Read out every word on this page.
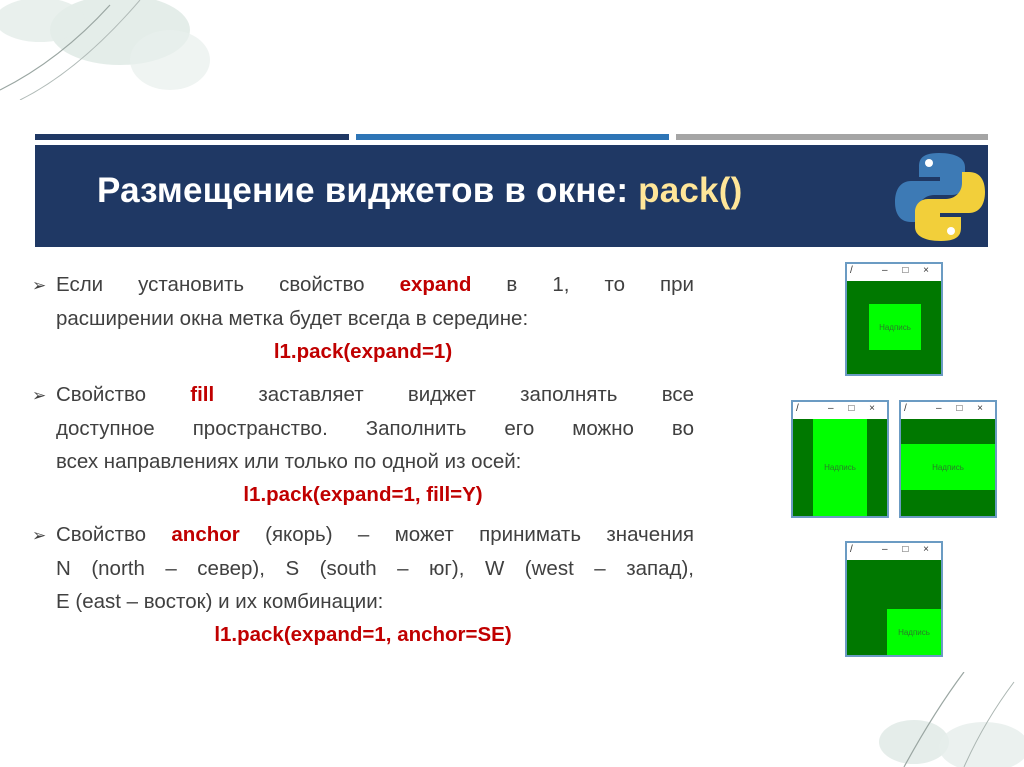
Размещение виджетов в окне: pack()
➢ Если установить свойство expand в 1, то при
расширении окна метка будет всегда в середине:
l1.pack(expand=1)
➢ Свойство fill заставляет виджет заполнять все
доступное пространство. Заполнить его можно во
всех направлениях или только по одной из осей:
l1.pack(expand=1, fill=Y)
➢ Свойство anchor (якорь) – может принимать значения
N (north – север), S (south – юг), W (west – запад),
E (east – восток) и их комбинации:
l1.pack(expand=1, anchor=SE)
/	– □ ×
Надпись
/	– □ ×
Надпись
/	– □ ×
Надпись
/	– □ ×
Надпись
